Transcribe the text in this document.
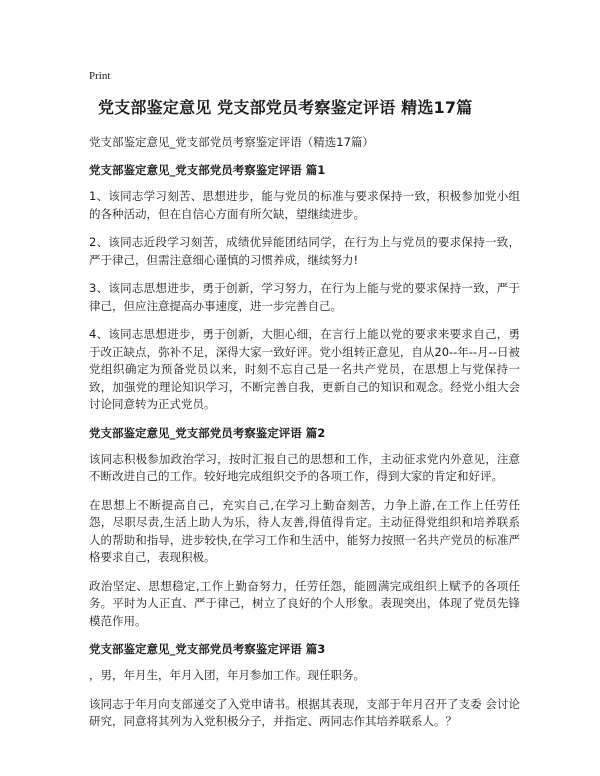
Print
党支部鉴定意见 党支部党员考察鉴定评语 精选17篇
党支部鉴定意见_党支部党员考察鉴定评语（精选17篇）
党支部鉴定意见_党支部党员考察鉴定评语 篇1

1、该同志学习刻苦、思想进步，能与党员的标准与要求保持一致，积极参加党小组的各种活动，但在自信心方面有所欠缺，望继续进步。

2、该同志近段学习刻苦，成绩优异能团结同学，在行为上与党员的要求保持一致，严于律己，但需注意细心谨慎的习惯养成，继续努力!

3、该同志思想进步，勇于创新，学习努力，在行为上能与党的要求保持一致，严于律己，但应注意提高办事速度，进一步完善自己。

4、该同志思想进步，勇于创新，大胆心细，在言行上能以党的要求来要求自己，勇于改正缺点，弥补不足，深得大家一致好评。党小组转正意见，自从20--年--月--日被党组织确定为预备党员以来，时刻不忘自己是一名共产党员，在思想上与党保持一致，加强党的理论知识学习，不断完善自我，更新自己的知识和观念。经党小组大会讨论同意转为正式党员。

党支部鉴定意见_党支部党员考察鉴定评语 篇2

该同志积极参加政治学习，按时汇报自己的思想和工作，主动征求党内外意见，注意不断改进自己的工作。较好地完成组织交予的各项工作，得到大家的肯定和好评。

在思想上不断提高自己，充实自己,在学习上勤奋刻苦，力争上游,在工作上任劳任怨，尽职尽责,生活上助人为乐，待人友善,得值得肯定。主动征得党组织和培养联系人的帮助和指导，进步较快,在学习工作和生活中，能努力按照一名共产党员的标准严格要求自己，表现积极。

政治坚定、思想稳定,工作上勤奋努力，任劳任怨，能圆满完成组织上赋予的各项任务。平时为人正直、严于律己，树立了良好的个人形象。表现突出，体现了党员先锋模范作用。

党支部鉴定意见_党支部党员考察鉴定评语 篇3

，男，年月生，年月入团，年月参加工作。现任职务。

该同志于年月向支部递交了入党申请书。根据其表现，支部于年月召开了支委 会讨论研究，同意将其列为入党积极分子，并指定、两同志作其培养联系人。？
